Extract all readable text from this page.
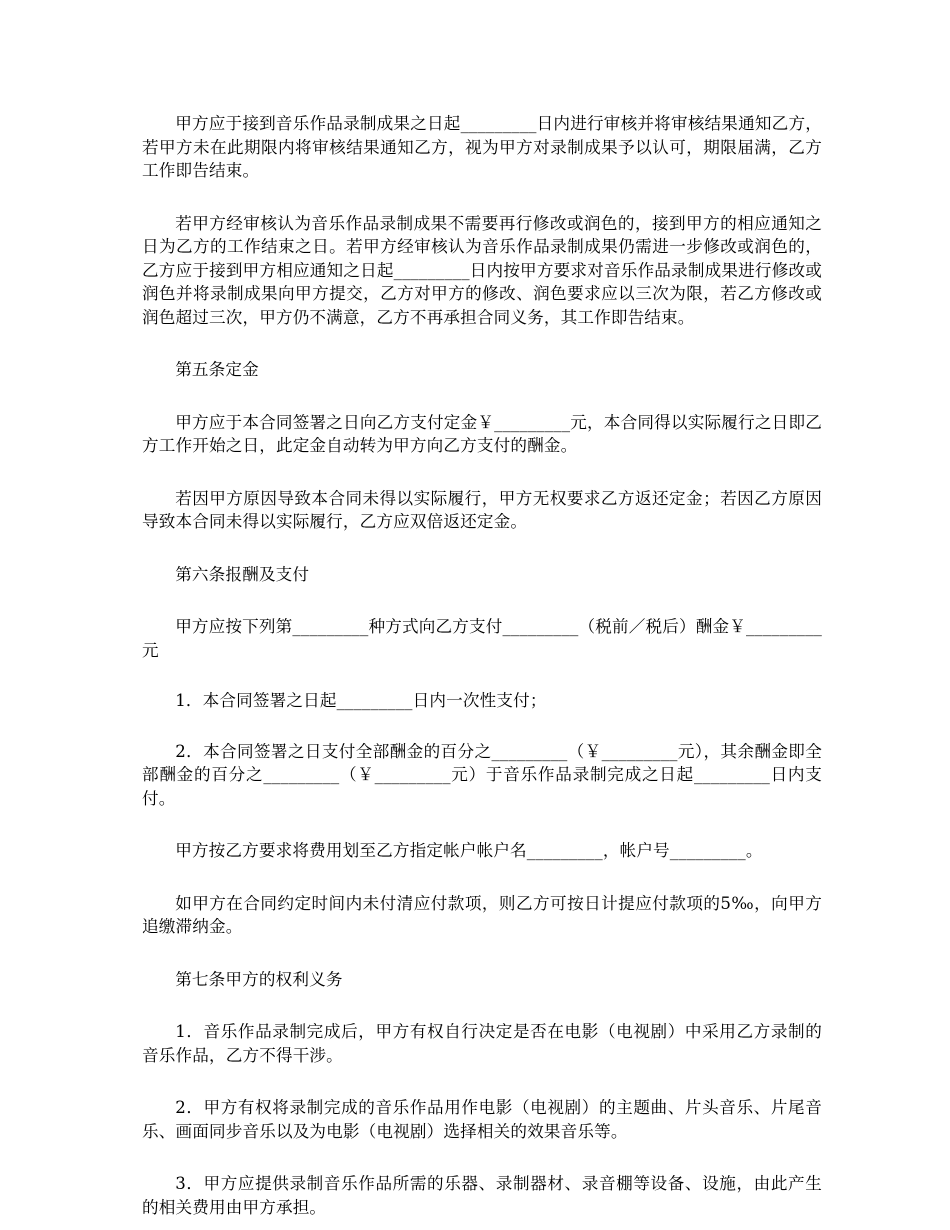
甲方应于接到音乐作品录制成果之日起_________日内进行审核并将审核结果通知乙方，若甲方未在此期限内将审核结果通知乙方，视为甲方对录制成果予以认可，期限届满，乙方工作即告结束。

若甲方经审核认为音乐作品录制成果不需要再行修改或润色的，接到甲方的相应通知之日为乙方的工作结束之日。若甲方经审核认为音乐作品录制成果仍需进一步修改或润色的，乙方应于接到甲方相应通知之日起_________日内按甲方要求对音乐作品录制成果进行修改或润色并将录制成果向甲方提交，乙方对甲方的修改、润色要求应以三次为限，若乙方修改或润色超过三次，甲方仍不满意，乙方不再承担合同义务，其工作即告结束。

第五条定金

甲方应于本合同签署之日向乙方支付定金￥_________元，本合同得以实际履行之日即乙方工作开始之日，此定金自动转为甲方向乙方支付的酬金。

若因甲方原因导致本合同未得以实际履行，甲方无权要求乙方返还定金；若因乙方原因导致本合同未得以实际履行，乙方应双倍返还定金。

第六条报酬及支付

甲方应按下列第_________种方式向乙方支付_________（税前／税后）酬金￥_________元

1．本合同签署之日起_________日内一次性支付；

2．本合同签署之日支付全部酬金的百分之_________（￥_________元），其余酬金即全部酬金的百分之_________（￥_________元）于音乐作品录制完成之日起_________日内支付。

甲方按乙方要求将费用划至乙方指定帐户帐户名_________，帐户号_________。

如甲方在合同约定时间内未付清应付款项，则乙方可按日计提应付款项的5‰，向甲方追缴滞纳金。

第七条甲方的权利义务

1．音乐作品录制完成后，甲方有权自行决定是否在电影（电视剧）中采用乙方录制的音乐作品，乙方不得干涉。

2．甲方有权将录制完成的音乐作品用作电影（电视剧）的主题曲、片头音乐、片尾音乐、画面同步音乐以及为电影（电视剧）选择相关的效果音乐等。

3．甲方应提供录制音乐作品所需的乐器、录制器材、录音棚等设备、设施，由此产生的相关费用由甲方承担。
